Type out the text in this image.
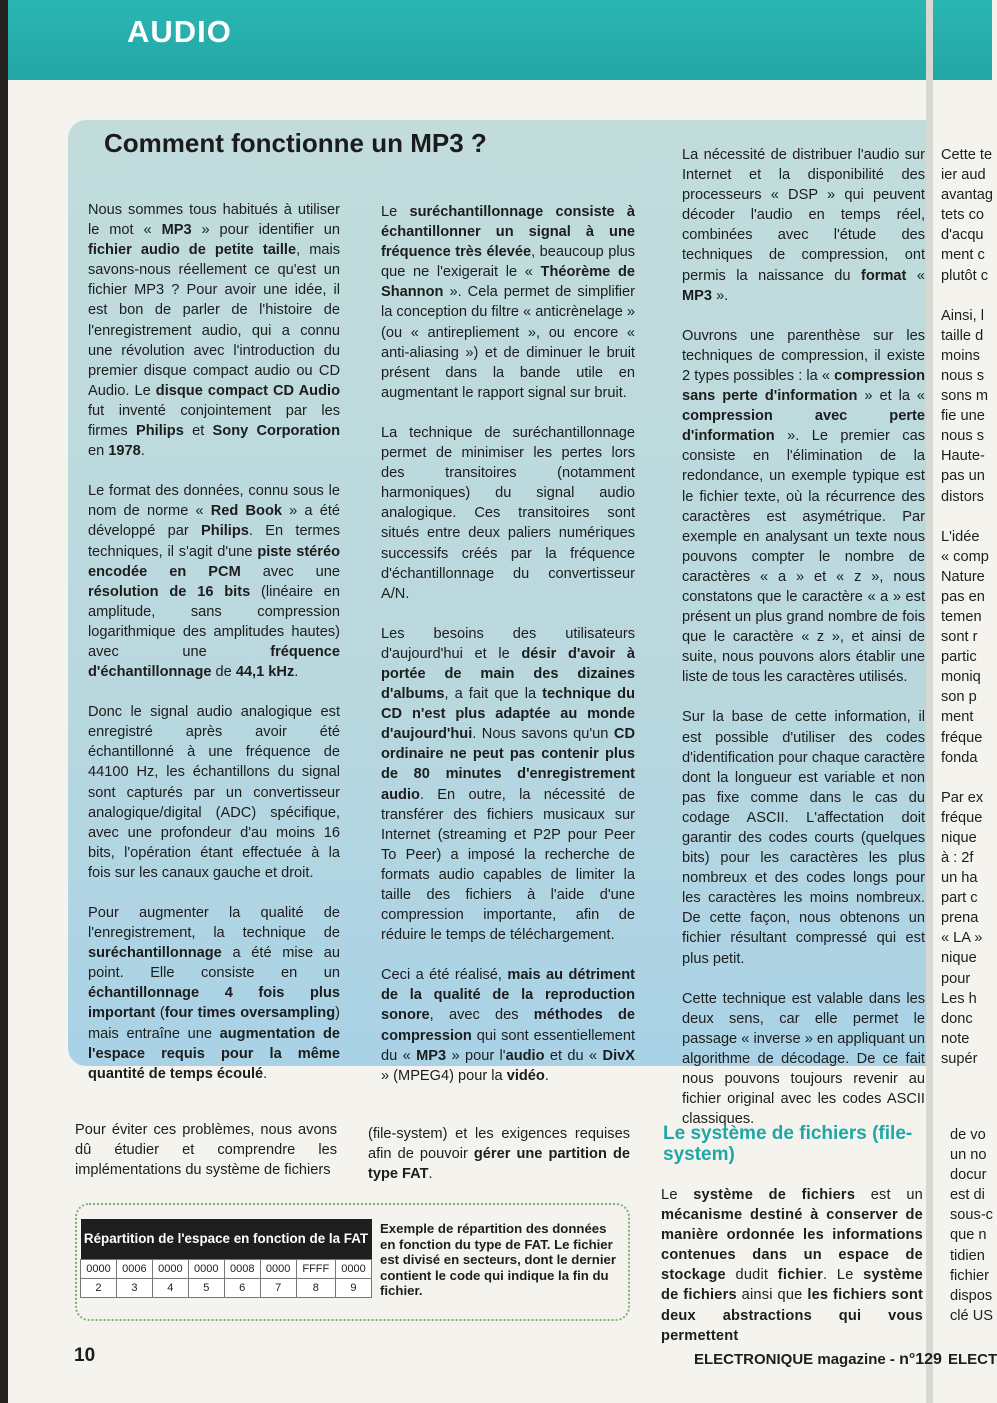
AUDIO
Comment fonctionne un MP3 ?

Nous sommes tous habitués à utiliser le mot « MP3 » pour identifier un fichier audio de petite taille, mais savons-nous réellement ce qu'est un fichier MP3 ? Pour avoir une idée, il est bon de parler de l'histoire de l'enregistrement audio, qui a connu une révolution avec l'introduction du premier disque compact audio ou CD Audio. Le disque compact CD Audio fut inventé conjointement par les firmes Philips et Sony Corporation en 1978.

Le format des données, connu sous le nom de norme « Red Book » a été développé par Philips. En termes techniques, il s'agit d'une piste stéréo encodée en PCM avec une résolution de 16 bits (linéaire en amplitude, sans compression logarithmique des amplitudes hautes) avec une fréquence d'échantillonnage de 44,1 kHz.

Donc le signal audio analogique est enregistré après avoir été échantillonné à une fréquence de 44100 Hz, les échantillons du signal sont capturés par un convertisseur analogique/digital (ADC) spécifique, avec une profondeur d'au moins 16 bits, l'opération étant effectuée à la fois sur les canaux gauche et droit.

Pour augmenter la qualité de l'enregistrement, la technique de suréchantillonnage a été mise au point. Elle consiste en un échantillonnage 4 fois plus important (four times oversampling) mais entraîne une augmentation de l'espace requis pour la même quantité de temps écoulé.

Le suréchantillonnage consiste à échantillonner un signal à une fréquence très élevée, beaucoup plus que ne l'exigerait le « Théorème de Shannon ». Cela permet de simplifier la conception du filtre « anticrènelage » (ou « antirepliement », ou encore « anti-aliasing ») et de diminuer le bruit présent dans la bande utile en augmentant le rapport signal sur bruit.

La technique de suréchantillonnage permet de minimiser les pertes lors des transitoires (notamment harmoniques) du signal audio analogique. Ces transitoires sont situés entre deux paliers numériques successifs créés par la fréquence d'échantillonnage du convertisseur A/N.

Les besoins des utilisateurs d'aujourd'hui et le désir d'avoir à portée de main des dizaines d'albums, a fait que la technique du CD n'est plus adaptée au monde d'aujourd'hui. Nous savons qu'un CD ordinaire ne peut pas contenir plus de 80 minutes d'enregistrement audio. En outre, la nécessité de transférer des fichiers musicaux sur Internet (streaming et P2P pour Peer To Peer) a imposé la recherche de formats audio capables de limiter la taille des fichiers à l'aide d'une compression importante, afin de réduire le temps de téléchargement.

Ceci a été réalisé, mais au détriment de la qualité de la reproduction sonore, avec des méthodes de compression qui sont essentiellement du « MP3 » pour l'audio et du « DivX » (MPEG4) pour la vidéo.

La nécessité de distribuer l'audio sur Internet et la disponibilité des processeurs « DSP » qui peuvent décoder l'audio en temps réel, combinées avec l'étude des techniques de compression, ont permis la naissance du format « MP3 ».

Ouvrons une parenthèse sur les techniques de compression, il existe 2 types possibles : la « compression sans perte d'information » et la « compression avec perte d'information ». Le premier cas consiste en l'élimination de la redondance, un exemple typique est le fichier texte, où la récurrence des caractères est asymétrique. Par exemple en analysant un texte nous pouvons compter le nombre de caractères « a » et « z », nous constatons que le caractère « a » est présent un plus grand nombre de fois que le caractère « z », et ainsi de suite, nous pouvons alors établir une liste de tous les caractères utilisés.

Sur la base de cette information, il est possible d'utiliser des codes d'identification pour chaque caractère dont la longueur est variable et non pas fixe comme dans le cas du codage ASCII. L'affectation doit garantir des codes courts (quelques bits) pour les caractères les plus nombreux et des codes longs pour les caractères les moins nombreux. De cette façon, nous obtenons un fichier résultant compressé qui est plus petit.

Cette technique est valable dans les deux sens, car elle permet le passage « inverse » en appliquant un algorithme de décodage. De ce fait nous pouvons toujours revenir au fichier original avec les codes ASCII classiques.

Cette te
ier aud
avantag
tets co
d'acqu
ment c
plutôt c

Ainsi, l
taille d
moins
nous s
sons m
fie une
nous s
Haute-
pas un
distors

L'idée
« comp
Nature
pas en
temen
sont r
partic
moniq
son p
ment
fréque
fonda

Par ex
fréque
nique
à : 2f
un ha
part c
prena
« LA »
nique
pour
Les h
donc
note
supér

Pour éviter ces problèmes, nous avons dû étudier et comprendre les implémentations du système de fichiers

(file-system) et les exigences requises afin de pouvoir gérer une partition de type FAT.

Le système de fichiers (file-system)

Le système de fichiers est un mécanisme destiné à conserver de manière ordonnée les informations contenues dans un espace de stockage dudit fichier. Le système de fichiers ainsi que les fichiers sont deux abstractions qui vous permettent

de vo
un no
docur
est di
sous-c
que n
tidien
fichier
dispos
clé US
Répartition de l'espace en fonction de la FAT							
0000	0006	0000	0000	0008	0000	FFFF	0000
2	3	4	5	6	7	8	9
Exemple de répartition des données en fonction du type de FAT. Le fichier est divisé en secteurs, dont le dernier contient le code qui indique la fin du fichier.
10	ELECTRONIQUE magazine - n°129 ELECT
